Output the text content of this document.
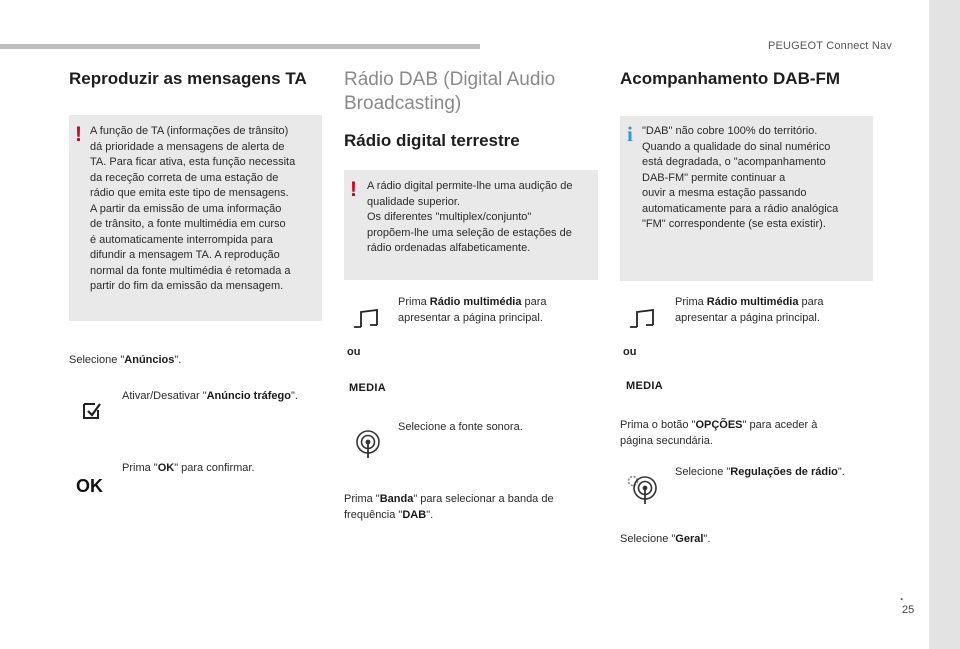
PEUGEOT Connect Nav
Reproduzir as mensagens TA
! A função de TA (informações de trânsito)
dá prioridade a mensagens de alerta de
TA. Para ficar ativa, esta função necessita
da receção correta de uma estação de
rádio que emita este tipo de mensagens.
A partir da emissão de uma informação
de trânsito, a fonte multimédia em curso
é automaticamente interrompida para
difundir a mensagem TA. A reprodução
normal da fonte multimédia é retomada a
partir do fim da emissão da mensagem.
Selecione "Anúncios".
Ativar/Desativar "Anúncio tráfego".
OK
Prima "OK" para confirmar.
Rádio DAB (Digital Audio
Broadcasting)
Rádio digital terrestre
! A rádio digital permite-lhe uma audição de
qualidade superior.
Os diferentes "multiplex/conjunto"
propõem-lhe uma seleção de estações de
rádio ordenadas alfabeticamente.
Prima Rádio multimédia para
apresentar a página principal.
ou
MEDIA
Selecione a fonte sonora.
Prima "Banda" para selecionar a banda de
frequência "DAB".
Acompanhamento DAB-FM
i "DAB" não cobre 100% do território.
Quando a qualidade do sinal numérico
está degradada, o "acompanhamento
DAB-FM" permite continuar a
ouvir a mesma estação passando
automaticamente para a rádio analógica
"FM" correspondente (se esta existir).
Prima Rádio multimédia para
apresentar a página principal.
ou
MEDIA
Prima o botão "OPÇÕES" para aceder à
página secundária.
Selecione "Regulações de rádio".
Selecione "Geral".
.
25
